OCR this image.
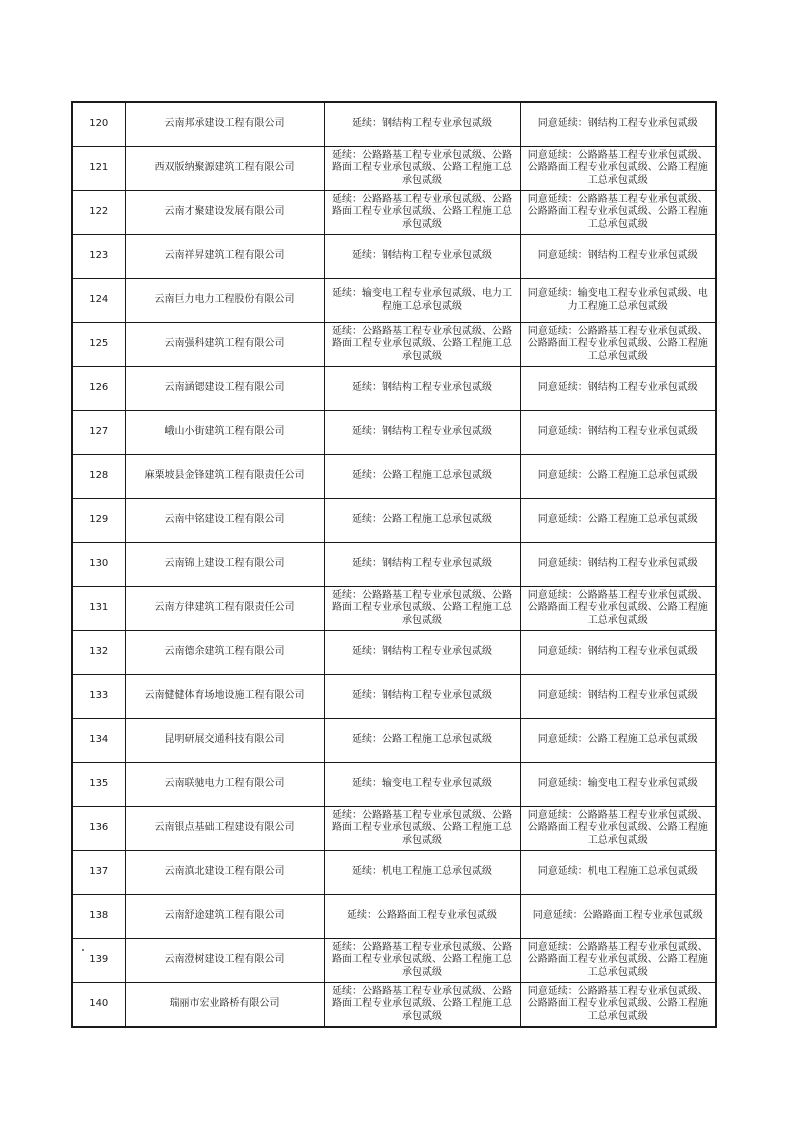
120	云南邦承建设工程有限公司	延续：钢结构工程专业承包贰级	同意延续：钢结构工程专业承包贰级
121	西双版纳聚源建筑工程有限公司	延续：公路路基工程专业承包贰级、公路路面工程专业承包贰级、公路工程施工总承包贰级	同意延续：公路路基工程专业承包贰级、公路路面工程专业承包贰级、公路工程施工总承包贰级
122	云南才聚建设发展有限公司	延续：公路路基工程专业承包贰级、公路路面工程专业承包贰级、公路工程施工总承包贰级	同意延续：公路路基工程专业承包贰级、公路路面工程专业承包贰级、公路工程施工总承包贰级
123	云南祥昇建筑工程有限公司	延续：钢结构工程专业承包贰级	同意延续：钢结构工程专业承包贰级
124	云南巨力电力工程股份有限公司	延续：输变电工程专业承包贰级、电力工程施工总承包贰级	同意延续：输变电工程专业承包贰级、电力工程施工总承包贰级
125	云南强科建筑工程有限公司	延续：公路路基工程专业承包贰级、公路路面工程专业承包贰级、公路工程施工总承包贰级	同意延续：公路路基工程专业承包贰级、公路路面工程专业承包贰级、公路工程施工总承包贰级
126	云南涵锶建设工程有限公司	延续：钢结构工程专业承包贰级	同意延续：钢结构工程专业承包贰级
127	峨山小街建筑工程有限公司	延续：钢结构工程专业承包贰级	同意延续：钢结构工程专业承包贰级
128	麻栗坡县金锋建筑工程有限责任公司	延续：公路工程施工总承包贰级	同意延续：公路工程施工总承包贰级
129	云南中铭建设工程有限公司	延续：公路工程施工总承包贰级	同意延续：公路工程施工总承包贰级
130	云南锦上建设工程有限公司	延续：钢结构工程专业承包贰级	同意延续：钢结构工程专业承包贰级
131	云南方律建筑工程有限责任公司	延续：公路路基工程专业承包贰级、公路路面工程专业承包贰级、公路工程施工总承包贰级	同意延续：公路路基工程专业承包贰级、公路路面工程专业承包贰级、公路工程施工总承包贰级
132	云南德余建筑工程有限公司	延续：钢结构工程专业承包贰级	同意延续：钢结构工程专业承包贰级
133	云南健健体育场地设施工程有限公司	延续：钢结构工程专业承包贰级	同意延续：钢结构工程专业承包贰级
134	昆明研展交通科技有限公司	延续：公路工程施工总承包贰级	同意延续：公路工程施工总承包贰级
135	云南联驰电力工程有限公司	延续：输变电工程专业承包贰级	同意延续：输变电工程专业承包贰级
136	云南银点基础工程建设有限公司	延续：公路路基工程专业承包贰级、公路路面工程专业承包贰级、公路工程施工总承包贰级	同意延续：公路路基工程专业承包贰级、公路路面工程专业承包贰级、公路工程施工总承包贰级
137	云南滇北建设工程有限公司	延续：机电工程施工总承包贰级	同意延续：机电工程施工总承包贰级
138	云南舒途建筑工程有限公司	延续：公路路面工程专业承包贰级	同意延续：公路路面工程专业承包贰级
139	云南澄树建设工程有限公司	延续：公路路基工程专业承包贰级、公路路面工程专业承包贰级、公路工程施工总承包贰级	同意延续：公路路基工程专业承包贰级、公路路面工程专业承包贰级、公路工程施工总承包贰级
140	瑞丽市宏业路桥有限公司	延续：公路路基工程专业承包贰级、公路路面工程专业承包贰级、公路工程施工总承包贰级	同意延续：公路路基工程专业承包贰级、公路路面工程专业承包贰级、公路工程施工总承包贰级
